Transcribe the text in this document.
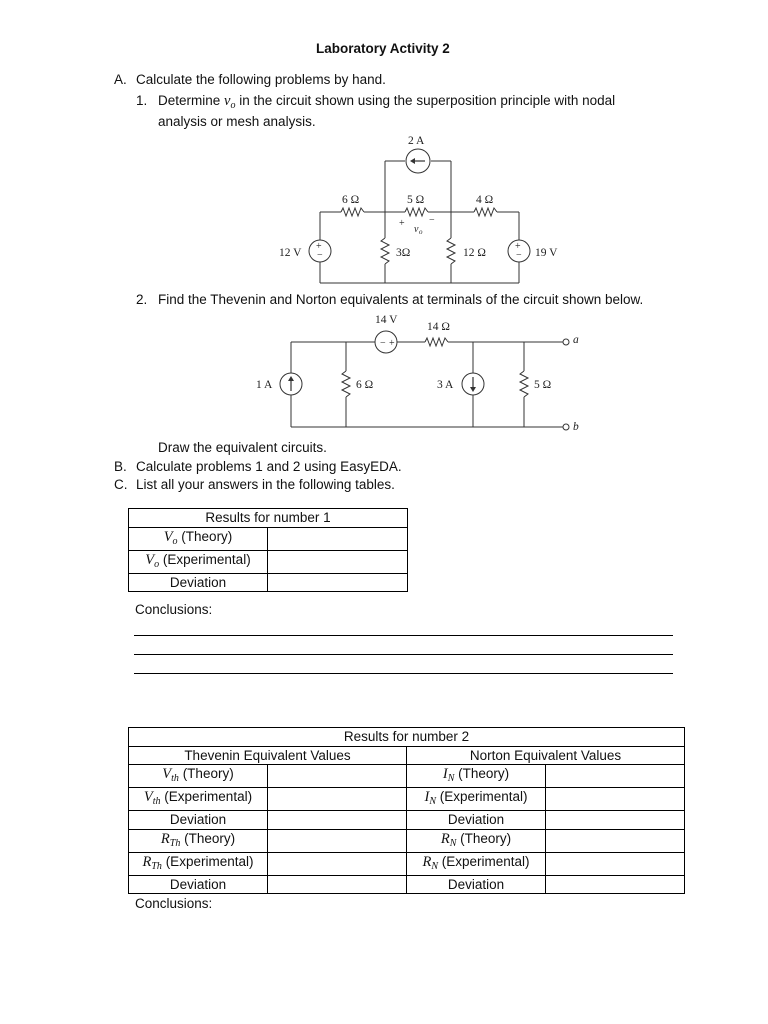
Laboratory Activity 2
A. Calculate the following problems by hand.
1. Determine $v_o$ in the circuit shown using the superposition principle with nodal
analysis or mesh analysis.
2 A
6 Ω	5 Ω	4 Ω
3Ω	12 Ω
12 V	19 V
+ −
v o
+
−
+
−
2. Find the Thevenin and Norton equivalents at terminals of the circuit shown below.
14 V
14 Ω
− +
1 A	6 Ω	3 A	5 Ω
a
b
Draw the equivalent circuits.
B. Calculate problems 1 and 2 using EasyEDA.
C. List all your answers in the following tables.
Results for number 1	
$V_o$ (Theory)	
$V_o$ (Experimental)	
Deviation	
Conclusions:
Results for number 2			
Thevenin Equivalent Values		Norton Equivalent Values	
$V_{th}$ (Theory)		$I_N$ (Theory)	
$V_{th}$ (Experimental)		$I_N$ (Experimental)	
Deviation		Deviation	
$R_{Th}$ (Theory)		$R_N$ (Theory)	
$R_{Th}$ (Experimental)		$R_N$ (Experimental)	
Deviation		Deviation	
Conclusions:
